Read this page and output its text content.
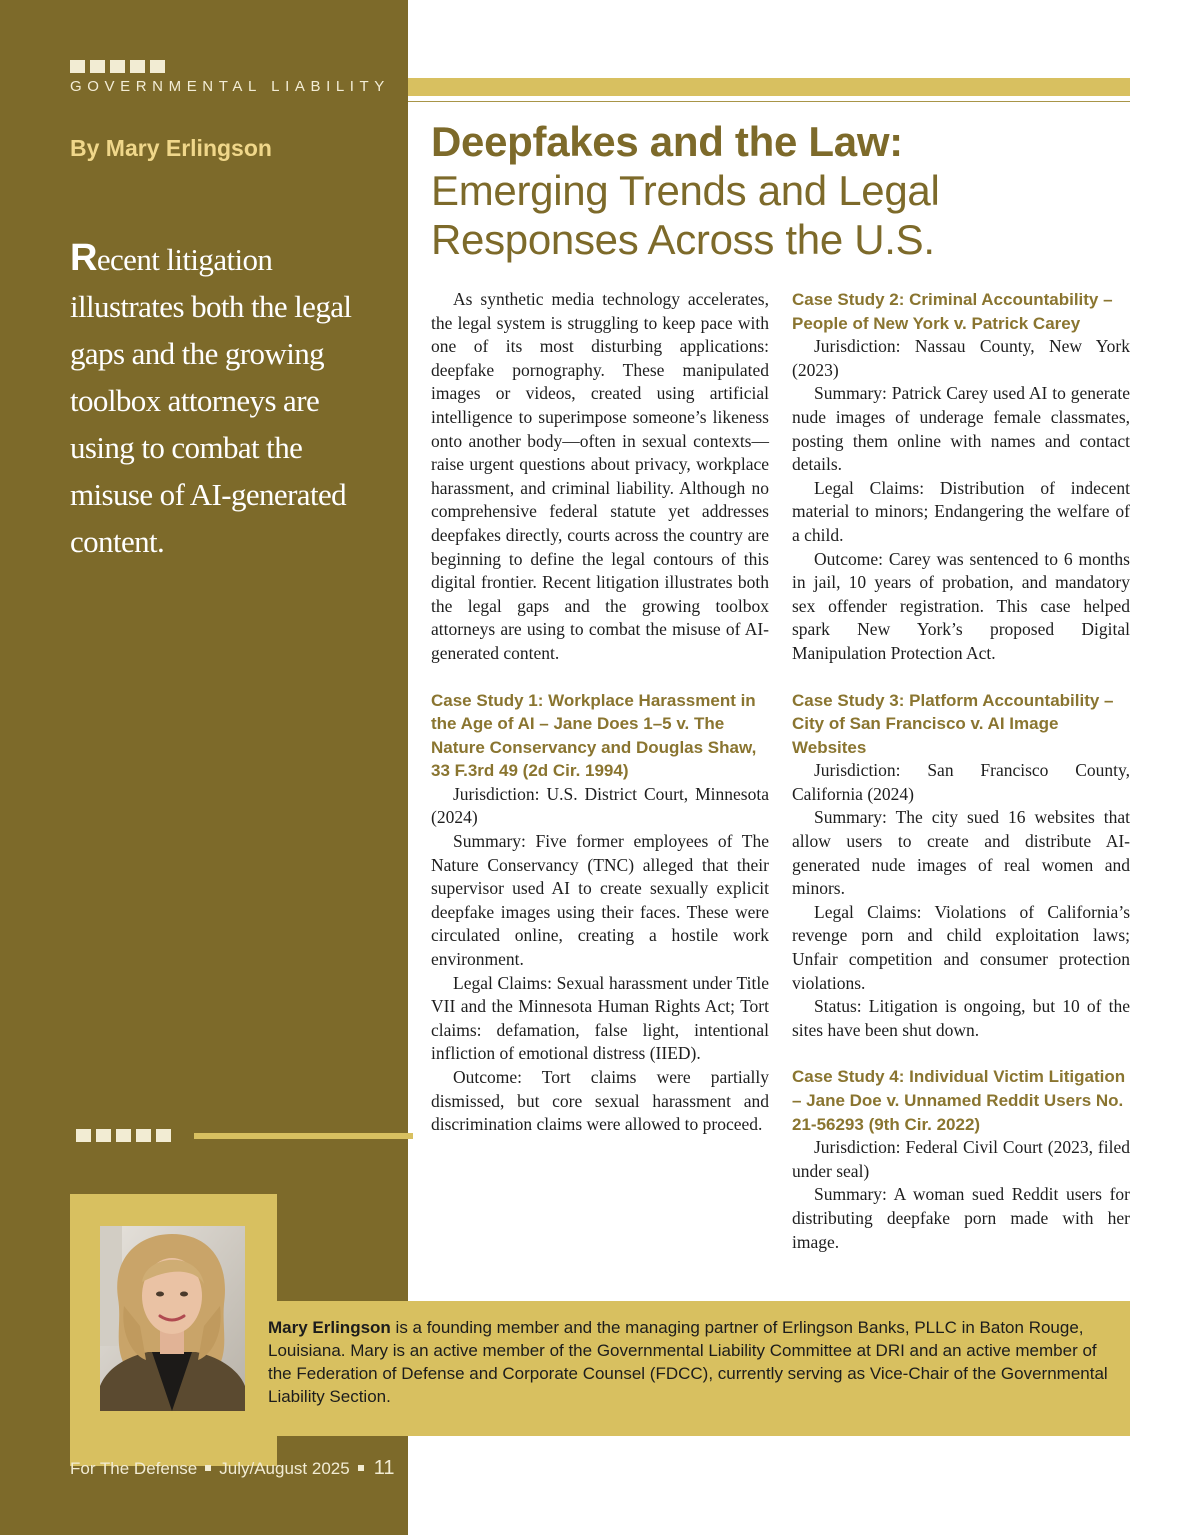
GOVERNMENTAL LIABILITY
By Mary Erlingson

Recent litigation illustrates both the legal gaps and the growing toolbox attorneys are using to combat the misuse of AI-generated content.

Deepfakes and the Law:
Emerging Trends and Legal
Responses Across the U.S.

As synthetic media technology accelerates, the legal system is struggling to keep pace with one of its most disturbing applications: deepfake pornography. These manipulated images or videos, created using artificial intelligence to superimpose someone’s likeness onto another body—often in sexual contexts—raise urgent questions about privacy, workplace harassment, and criminal liability. Although no comprehensive federal statute yet addresses deepfakes directly, courts across the country are beginning to define the legal contours of this digital frontier. Recent litigation illustrates both the legal gaps and the growing toolbox attorneys are using to combat the misuse of AI-generated content.

Case Study 1: Workplace Harassment in the Age of AI – Jane Does 1–5 v. The Nature Conservancy and Douglas Shaw, 33 F.3rd 49 (2d Cir. 1994)

Jurisdiction: U.S. District Court, Minnesota (2024)

Summary: Five former employees of The Nature Conservancy (TNC) alleged that their supervisor used AI to create sexually explicit deepfake images using their faces. These were circulated online, creating a hostile work environment.

Legal Claims: Sexual harassment under Title VII and the Minnesota Human Rights Act; Tort claims: defamation, false light, intentional infliction of emotional distress (IIED).

Outcome: Tort claims were partially dismissed, but core sexual harassment and discrimination claims were allowed to proceed.

Case Study 2: Criminal Accountability – People of New York v. Patrick Carey

Jurisdiction: Nassau County, New York (2023)

Summary: Patrick Carey used AI to generate nude images of underage female classmates, posting them online with names and contact details.

Legal Claims: Distribution of indecent material to minors; Endangering the welfare of a child.

Outcome: Carey was sentenced to 6 months in jail, 10 years of probation, and mandatory sex offender registration. This case helped spark New York’s proposed Digital Manipulation Protection Act.

Case Study 3: Platform Accountability – City of San Francisco v. AI Image Websites

Jurisdiction: San Francisco County, California (2024)

Summary: The city sued 16 websites that allow users to create and distribute AI-generated nude images of real women and minors.

Legal Claims: Violations of California’s revenge porn and child exploitation laws; Unfair competition and consumer protection violations.

Status: Litigation is ongoing, but 10 of the sites have been shut down.

Case Study 4: Individual Victim Litigation – Jane Doe v. Unnamed Reddit Users No. 21-56293 (9th Cir. 2022)

Jurisdiction: Federal Civil Court (2023, filed under seal)

Summary: A woman sued Reddit users for distributing deepfake porn made with her image.

Mary Erlingson is a founding member and the managing partner of Erlingson Banks, PLLC in Baton Rouge, Louisiana. Mary is an active member of the Governmental Liability Committee at DRI and an active member of the Federation of Defense and Corporate Counsel (FDCC), currently serving as Vice-Chair of the Governmental Liability Section.

For The Defense July/August 2025 11
